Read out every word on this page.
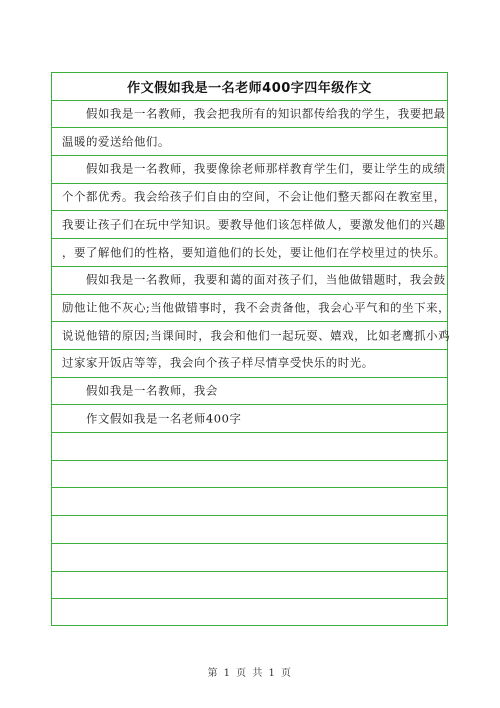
作文假如我是一名老师400字四年级作文
假如我是一名教师，我会把我所有的知识都传给我的学生，我要把最
温暖的爱送给他们。
假如我是一名教师，我要像徐老师那样教育学生们，要让学生的成绩
个个都优秀。我会给孩子们自由的空间，不会让他们整天都闷在教室里，
我要让孩子们在玩中学知识。要教导他们该怎样做人，要激发他们的兴趣
，要了解他们的性格，要知道他们的长处，要让他们在学校里过的快乐。
假如我是一名教师，我要和蔼的面对孩子们，当他做错题时，我会鼓
励他让他不灰心;当他做错事时，我不会责备他，我会心平气和的坐下来，
说说他错的原因;当课间时，我会和他们一起玩耍、嬉戏，比如老鹰抓小鸡
过家家开饭店等等，我会向个孩子样尽情享受快乐的时光。
假如我是一名教师，我会
作文假如我是一名老师400字
第 1 页 共 1 页
